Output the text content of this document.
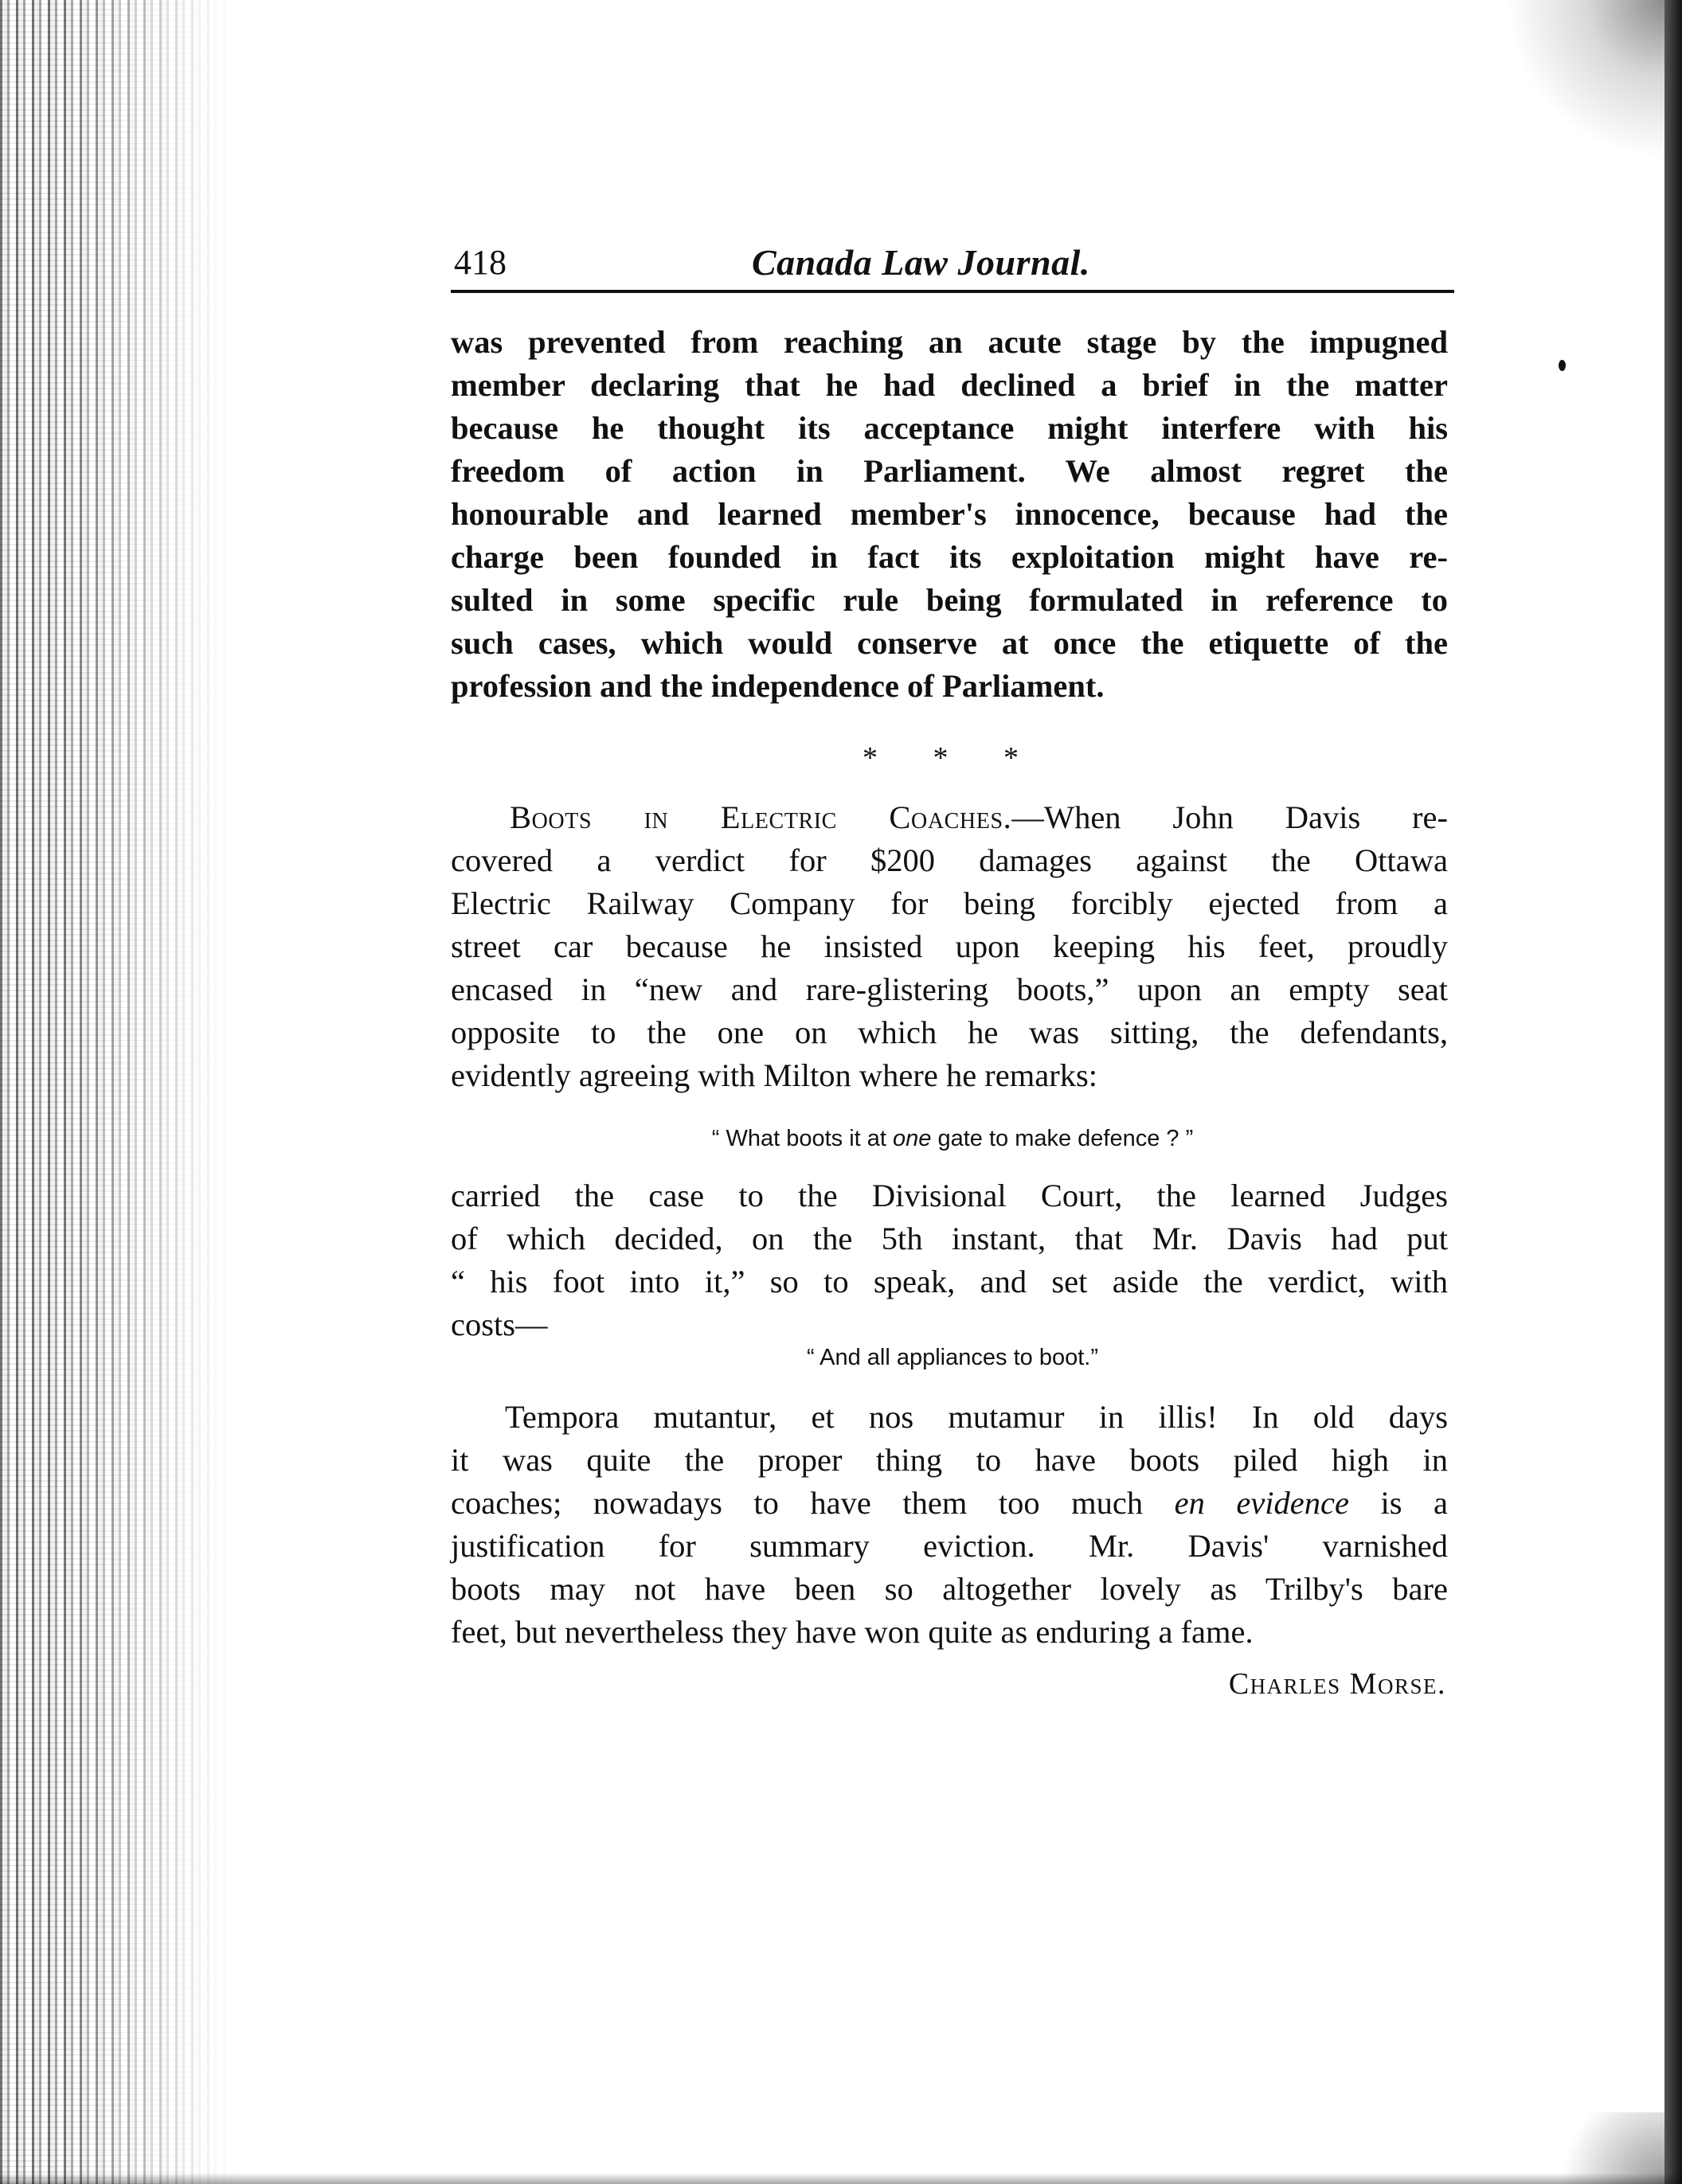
418	Canada Law Journal.
was prevented from reaching an acute stage by the impugned
member declaring that he had declined a brief in the matter
because he thought its acceptance might interfere with his
freedom of action in Parliament. We almost regret the
honourable and learned member's innocence, because had the
charge been founded in fact its exploitation might have re-
sulted in some specific rule being formulated in reference to
such cases, which would conserve at once the etiquette of the
profession and the independence of Parliament.
* * *
Boots in Electric Coaches.—When John Davis re-
covered a verdict for $200 damages against the Ottawa
Electric Railway Company for being forcibly ejected from a
street car because he insisted upon keeping his feet, proudly
encased in “new and rare-glistering boots,” upon an empty seat
opposite to the one on which he was sitting, the defendants,
evidently agreeing with Milton where he remarks:
“ What boots it at one gate to make defence ? ”
carried the case to the Divisional Court, the learned Judges
of which decided, on the 5th instant, that Mr. Davis had put
“ his foot into it,” so to speak, and set aside the verdict, with
costs—
“ And all appliances to boot.”
Tempora mutantur, et nos mutamur in illis! In old days
it was quite the proper thing to have boots piled high in
coaches; nowadays to have them too much en evidence is a
justification for summary eviction. Mr. Davis' varnished
boots may not have been so altogether lovely as Trilby's bare
feet, but nevertheless they have won quite as enduring a fame.
Charles Morse.
